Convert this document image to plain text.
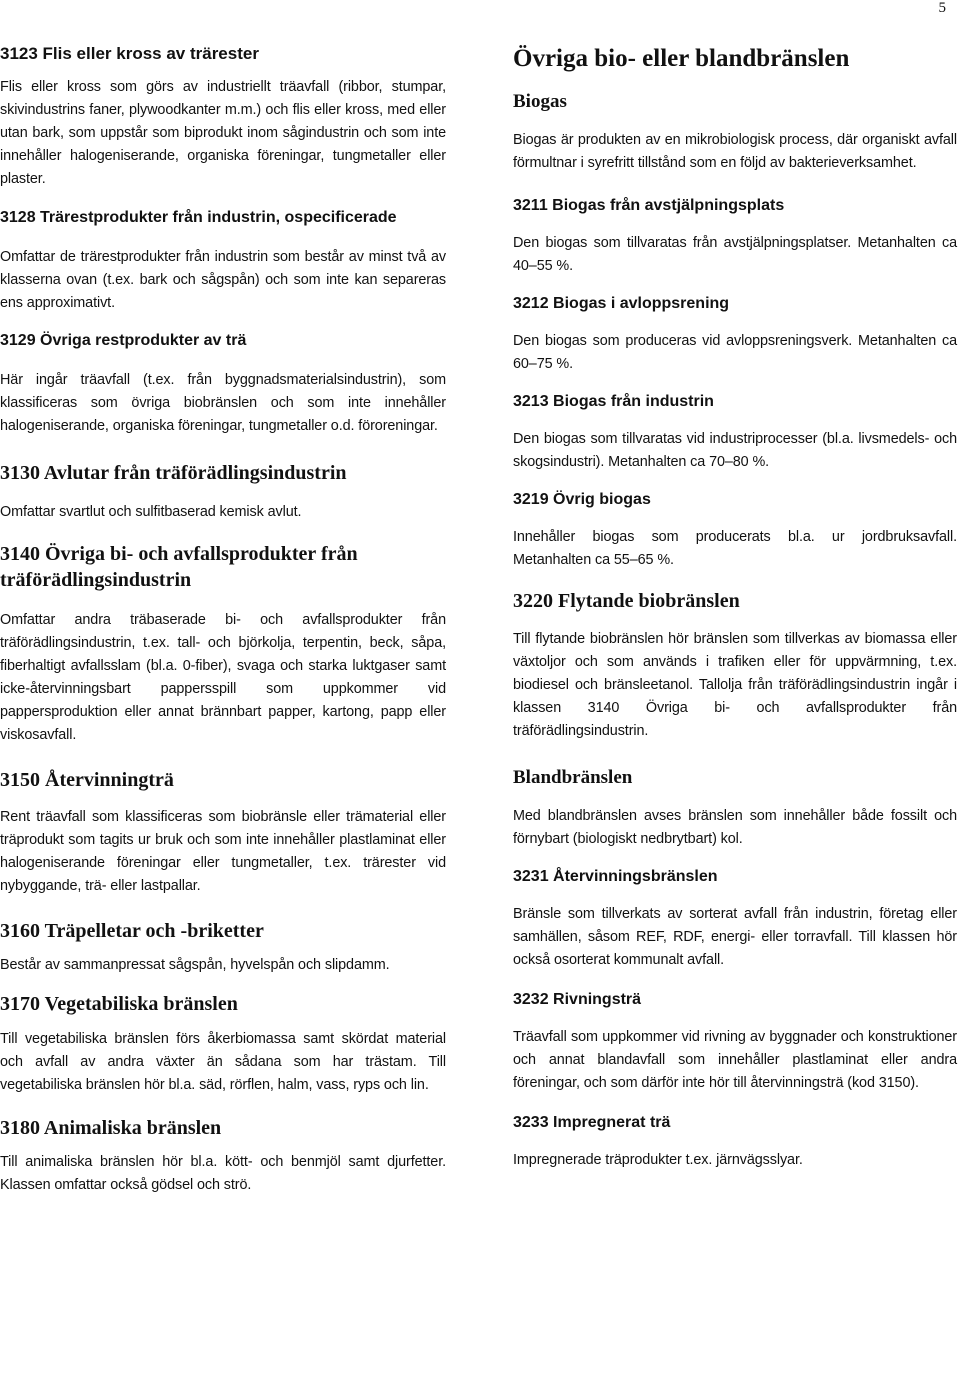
5
3123 Flis eller kross av trärester

Flis eller kross som görs av industriellt träavfall (ribbor, stumpar, skivindustrins faner, plywoodkanter m.m.) och flis eller kross, med eller utan bark, som uppstår som biprodukt inom sågindustrin och som inte innehåller halogeniserande, organiska föreningar, tungmetaller eller plaster.

3128 Trärestprodukter från industrin, ospecificerade

Omfattar de trärestprodukter från industrin som består av minst två av klasserna ovan (t.ex. bark och sågspån) och som inte kan separeras ens approximativt.

3129 Övriga restprodukter av trä

Här ingår träavfall (t.ex. från byggnadsmaterialsindustrin), som klassificeras som övriga biobränslen och som inte innehåller halogeniserande, organiska föreningar, tungmetaller o.d. föroreningar.

3130 Avlutar från träförädlingsindustrin

Omfattar svartlut och sulfitbaserad kemisk avlut.

3140 Övriga bi- och avfallsprodukter från träförädlingsindustrin

Omfattar andra träbaserade bi- och avfallsprodukter från träförädlingsindustrin, t.ex. tall- och björkolja, terpentin, beck, såpa, fiberhaltigt avfallsslam (bl.a. 0-fiber), svaga och starka luktgaser samt icke-återvinningsbart pappersspill som uppkommer vid pappersproduktion eller annat brännbart papper, kartong, papp eller viskosavfall.

3150 Återvinningträ

Rent träavfall som klassificeras som biobränsle eller trämaterial eller träprodukt som tagits ur bruk och som inte innehåller plastlaminat eller halogeniserande föreningar eller tungmetaller, t.ex. trärester vid nybyggande, trä- eller lastpallar.

3160 Träpelletar och -briketter

Består av sammanpressat sågspån, hyvelspån och slipdamm.

3170 Vegetabiliska bränslen

Till vegetabiliska bränslen förs åkerbiomassa samt skördat material och avfall av andra växter än sådana som har trästam. Till vegetabiliska bränslen hör bl.a. säd, rörflen, halm, vass, ryps och lin.

3180 Animaliska bränslen

Till animaliska bränslen hör bl.a. kött- och benmjöl samt djurfetter. Klassen omfattar också gödsel och strö.

Övriga bio- eller blandbränslen
Biogas

Biogas är produkten av en mikrobiologisk process, där organiskt avfall förmultnar i syrefritt tillstånd som en följd av bakterieverksamhet.

3211 Biogas från avstjälpningsplats

Den biogas som tillvaratas från avstjälpningsplatser. Metanhalten ca 40–55 %.

3212 Biogas i avloppsrening

Den biogas som produceras vid avloppsreningsverk. Metanhalten ca 60–75 %.

3213 Biogas från industrin

Den biogas som tillvaratas vid industriprocesser (bl.a. livsmedels- och skogsindustri). Metanhalten ca 70–80 %.

3219 Övrig biogas

Innehåller biogas som producerats bl.a. ur jordbruksavfall. Metanhalten ca 55–65 %.

3220 Flytande biobränslen

Till flytande biobränslen hör bränslen som tillverkas av biomassa eller växtoljor och som används i trafiken eller för uppvärmning, t.ex. biodiesel och bränsleetanol. Tallolja från träförädlingsindustrin ingår i klassen 3140 Övriga bi- och avfallsprodukter från träförädlingsindustrin.

Blandbränslen

Med blandbränslen avses bränslen som innehåller både fossilt och förnybart (biologiskt nedbrytbart) kol.

3231 Återvinningsbränslen

Bränsle som tillverkats av sorterat avfall från industrin, företag eller samhällen, såsom REF, RDF, energi- eller torravfall. Till klassen hör också osorterat kommunalt avfall.

3232 Rivningsträ

Träavfall som uppkommer vid rivning av byggnader och konstruktioner och annat blandavfall som innehåller plastlaminat eller andra föreningar, och som därför inte hör till återvinningsträ (kod 3150).

3233 Impregnerat trä

Impregnerade träprodukter t.ex. järnvägsslyar.
